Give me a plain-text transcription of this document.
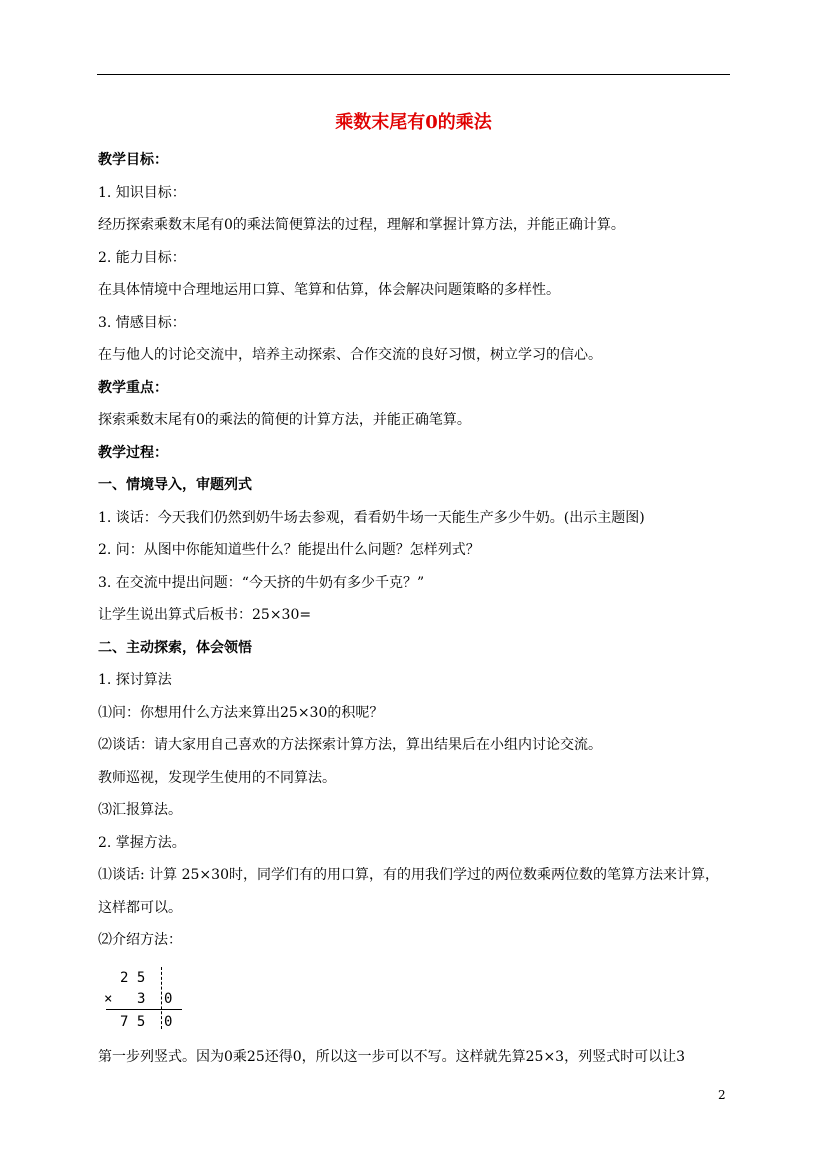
乘数末尾有0的乘法
教学目标：
1. 知识目标：
经历探索乘数末尾有0的乘法简便算法的过程，理解和掌握计算方法，并能正确计算。
2. 能力目标：
在具体情境中合理地运用口算、笔算和估算，体会解决问题策略的多样性。
3. 情感目标：
在与他人的讨论交流中，培养主动探索、合作交流的良好习惯，树立学习的信心。
教学重点：
探索乘数末尾有0的乘法的简便的计算方法，并能正确笔算。
教学过程：
一、情境导入，审题列式
1. 谈话：今天我们仍然到奶牛场去参观，看看奶牛场一天能生产多少牛奶。(出示主题图)
2. 问：从图中你能知道些什么？能提出什么问题？怎样列式？
3. 在交流中提出问题：“今天挤的牛奶有多少千克？”
让学生说出算式后板书：25×30=
二、主动探索，体会领悟
1. 探讨算法
⑴问：你想用什么方法来算出25×30的积呢？
⑵谈话：请大家用自己喜欢的方法探索计算方法，算出结果后在小组内讨论交流。
教师巡视，发现学生使用的不同算法。
⑶汇报算法。
2. 掌握方法。
⑴谈话: 计算 25×30时，同学们有的用口算，有的用我们学过的两位数乘两位数的笔算方法来计算，
这样都可以。
⑵介绍方法：
2 5
× 3 0
7 5 0
第一步列竖式。因为0乘25还得0，所以这一步可以不写。这样就先算25×3，列竖式时可以让3
2
